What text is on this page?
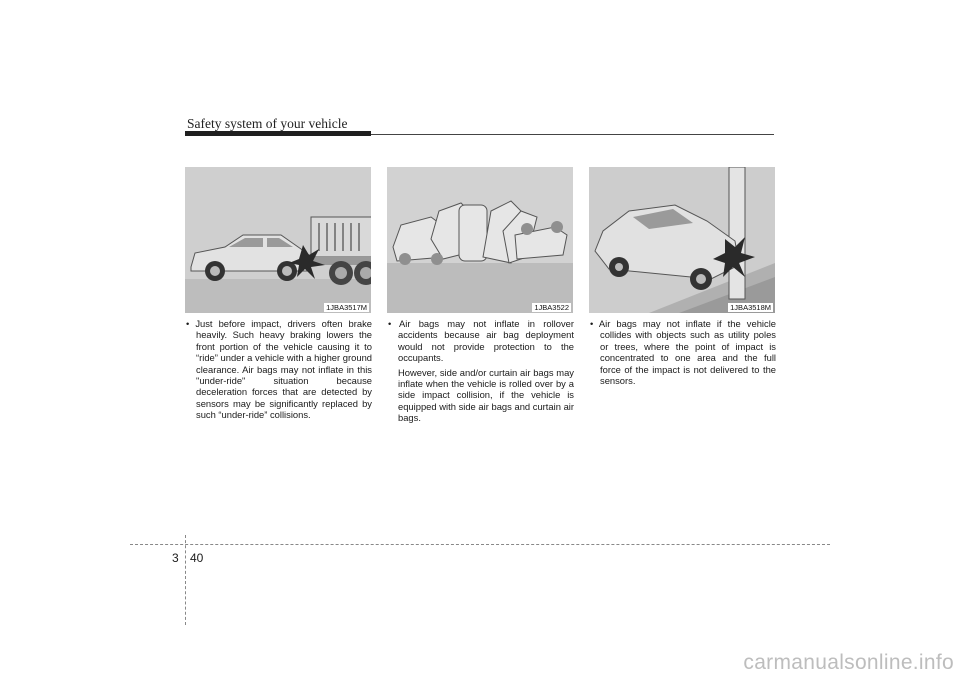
Safety system of your vehicle
1JBA3517M	1JBA3522	1JBA3518M

• Just before impact, drivers often brake heavily. Such heavy braking lowers the front portion of the vehicle causing it to “ride” under a vehicle with a higher ground clearance. Air bags may not inflate in this "under-ride" situation because deceleration forces that are detected by sensors may be significantly replaced by such “under-ride” collisions.

• Air bags may not inflate in rollover accidents because air bag deployment would not provide protection to the occupants.

However, side and/or curtain air bags may inflate when the vehicle is rolled over by a side impact collision, if the vehicle is equipped with side air bags and curtain air bags.

• Air bags may not inflate if the vehicle collides with objects such as utility poles or trees, where the point of impact is concentrated to one area and the full force of the impact is not delivered to the sensors.

3 40
carmanualsonline.info
